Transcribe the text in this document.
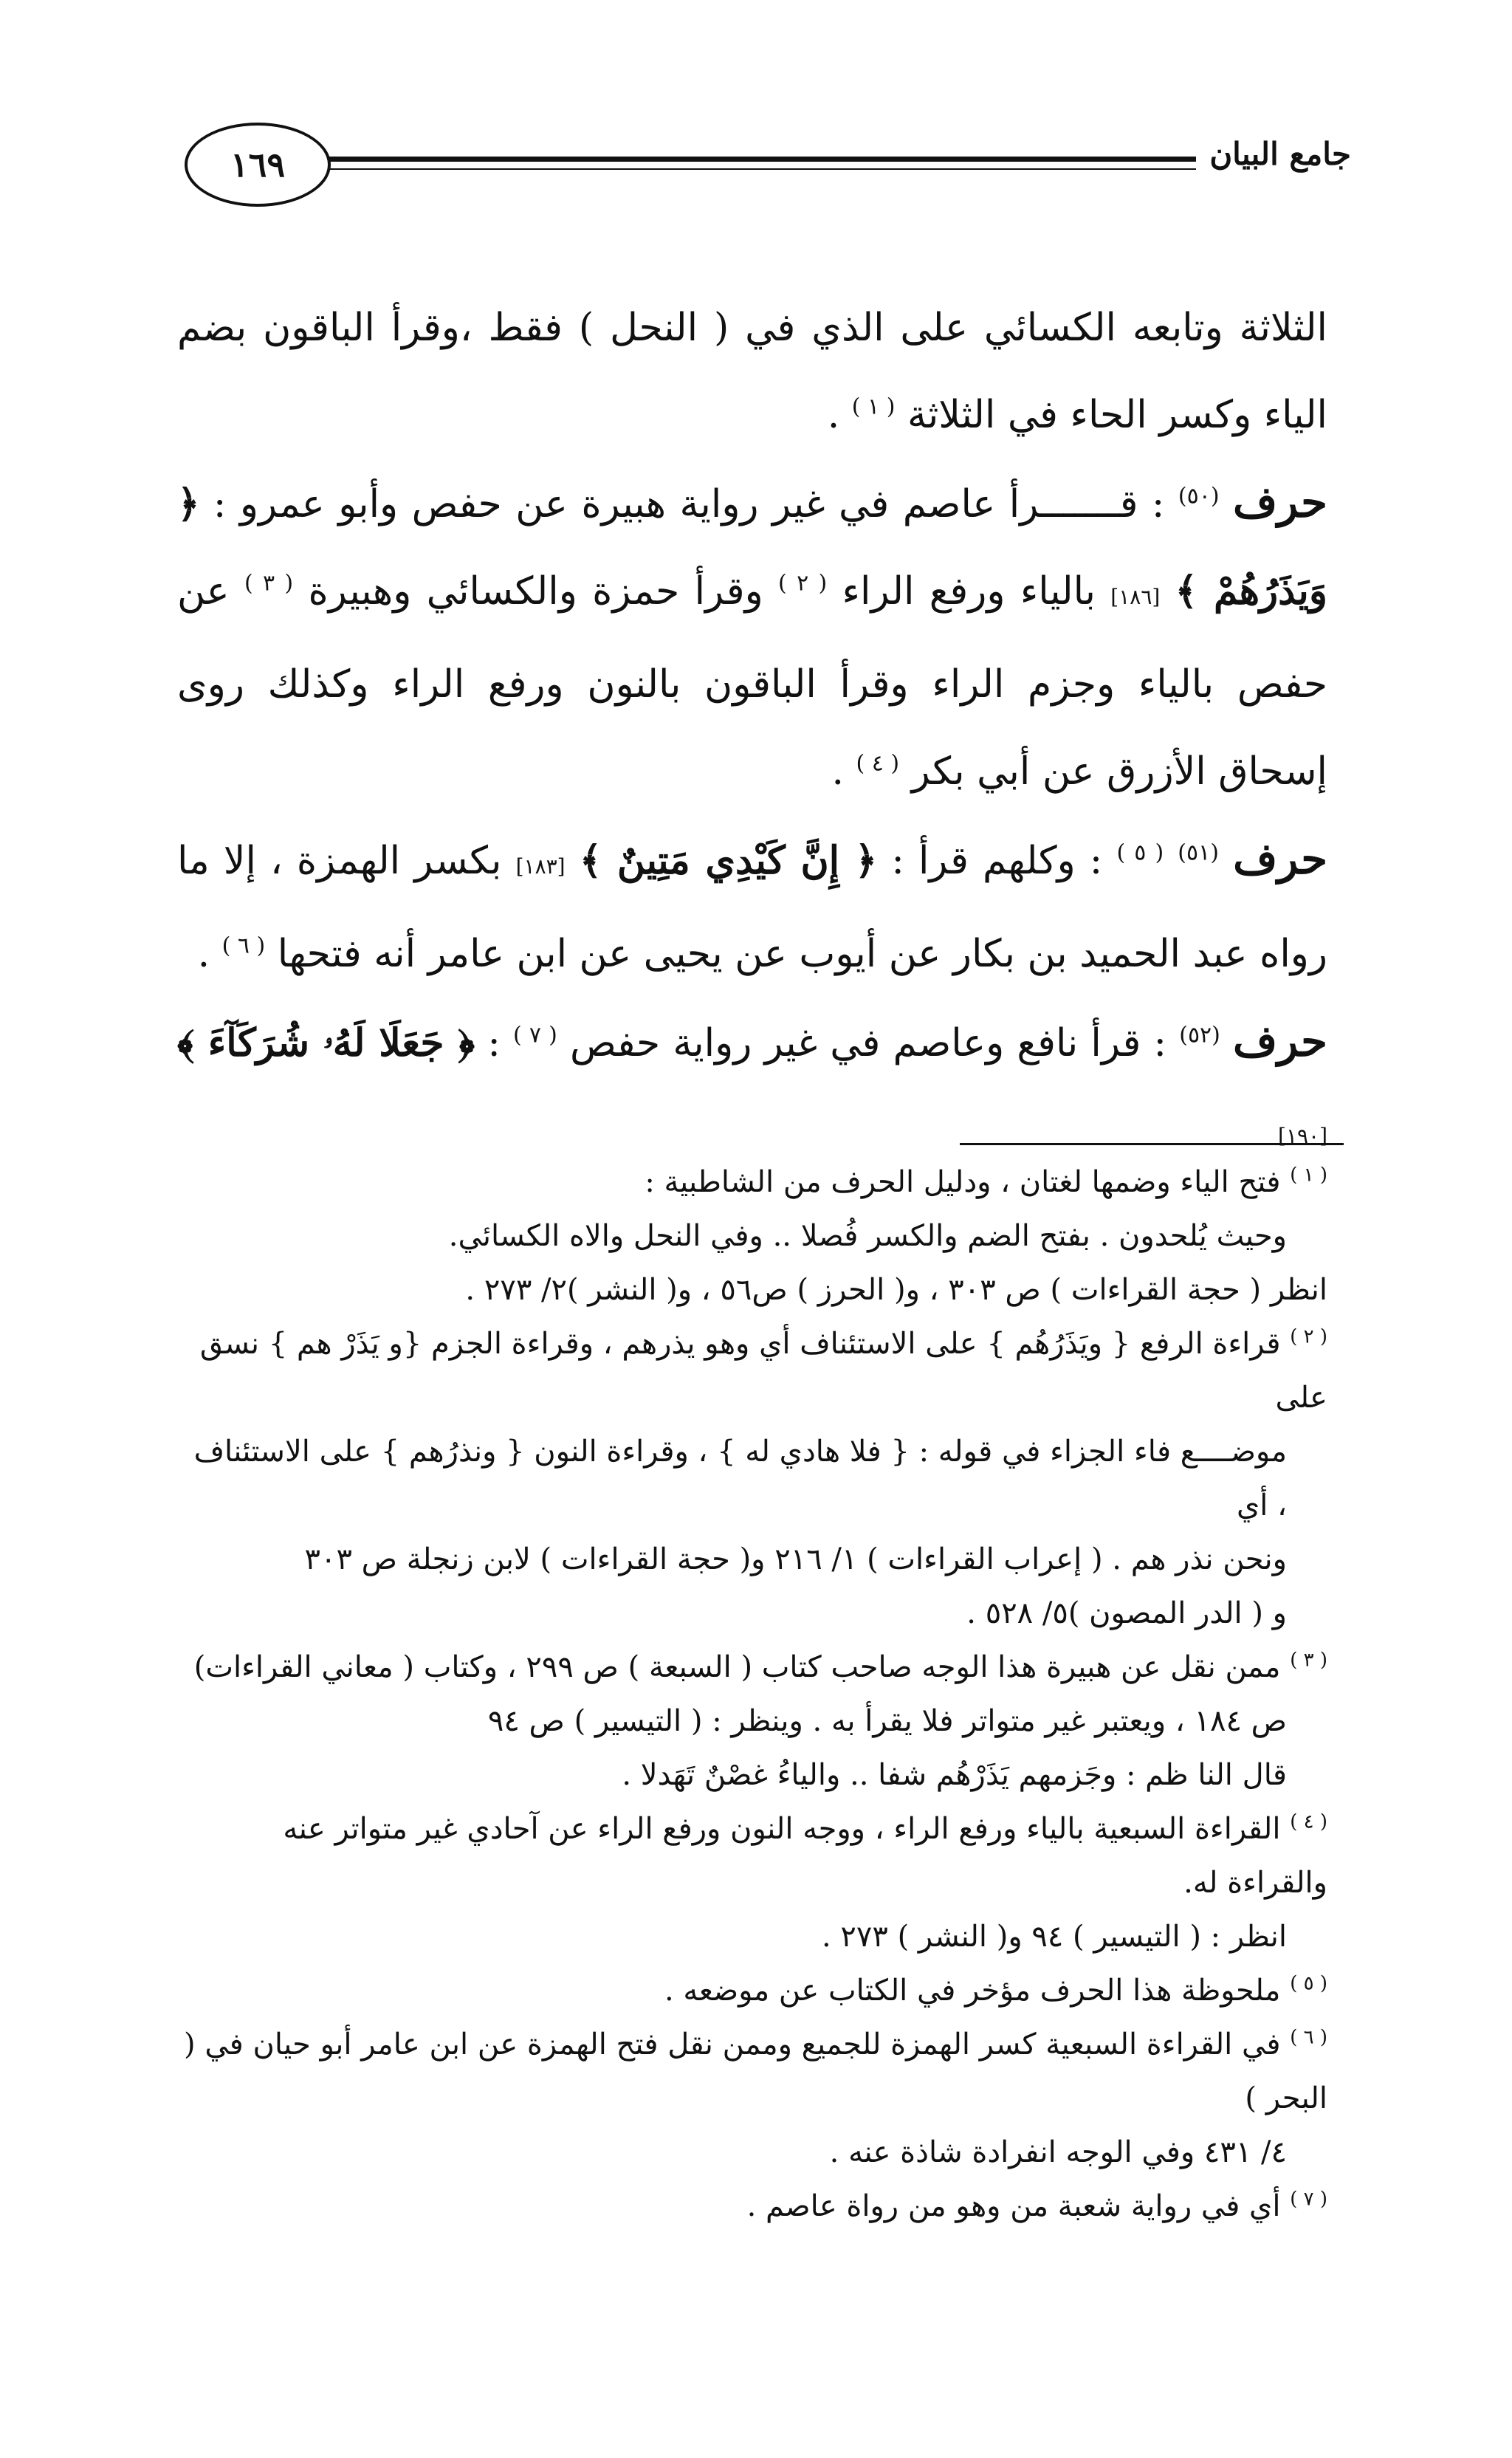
١٦٩	جامع البيان

الثلاثة وتابعه الكسائي على الذي في ( النحل ) فقط ،وقرأ الباقون بضم الياء وكسر الحاء في الثلاثة $^{( ١ )}$ .

حرف $^{(٥٠)}$ : قـــــــرأ عاصم في غير رواية هبيرة عن حفص وأبو عمرو : ﴿ وَيَذَرُهُمْ ﴾ [١٨٦] بالياء ورفع الراء $^{( ٢ )}$ وقرأ حمزة والكسائي وهبيرة $^{( ٣ )}$ عن حفص بالياء وجزم الراء وقرأ الباقون بالنون ورفع الراء وكذلك روى إسحاق الأزرق عن أبي بكر $^{( ٤ )}$ .

حرف $^{(٥١)}$ $^{( ٥ )}$ : وكلهم قرأ : ﴿ إِنَّ كَيْدِي مَتِينٌ ﴾ [١٨٣] بكسر الهمزة ، إلا ما رواه عبد الحميد بن بكار عن أيوب عن يحيى عن ابن عامر أنه فتحها $^{( ٦ )}$ .

حرف $^{(٥٢)}$ : قرأ نافع وعاصم في غير رواية حفص $^{( ٧ )}$ : ﴿ جَعَلَا لَهُۥ شُرَكَآءَ ﴾ [١٩٠]

$^{( ١ )}$ فتح الياء وضمها لغتان ، ودليل الحرف من الشاطبية :

وحيث يُلحدون . بفتح الضم والكسر فُصلا .. وفي النحل والاه الكسائي.

انظر ( حجة القراءات ) ص ٣٠٣ ، و( الحرز ) ص٥٦ ، و( النشر )٢/ ٢٧٣ .

$^{( ٢ )}$ قراءة الرفع { ويَذَرُهُم } على الاستئناف أي وهو يذرهم ، وقراءة الجزم {و يَذَرْ هم } نسق على

موضــــع فاء الجزاء في قوله : { فلا هادي له } ، وقراءة النون { ونذرُهم } على الاستئناف ، أي

ونحن نذر هم . ( إعراب القراءات ) ١/ ٢١٦ و( حجة القراءات ) لابن زنجلة ص ٣٠٣

و ( الدر المصون )٥/ ٥٢٨ .

$^{( ٣ )}$ ممن نقل عن هبيرة هذا الوجه صاحب كتاب ( السبعة ) ص ٢٩٩ ، وكتاب ( معاني القراءات)

ص ١٨٤ ، ويعتبر غير متواتر فلا يقرأ به . وينظر : ( التيسير ) ص ٩٤

قال النا ظم : وجَزمهم يَذَرْهُم شفا .. والياءُ غصْنٌ تَهَدلا .

$^{( ٤ )}$ القراءة السبعية بالياء ورفع الراء ، ووجه النون ورفع الراء عن آحادي غير متواتر عنه والقراءة له.

انظر : ( التيسير ) ٩٤ و( النشر ) ٢٧٣ .

$^{( ٥ )}$ ملحوظة هذا الحرف مؤخر في الكتاب عن موضعه .

$^{( ٦ )}$ في القراءة السبعية كسر الهمزة للجميع وممن نقل فتح الهمزة عن ابن عامر أبو حيان في ( البحر )

٤/ ٤٣١ وفي الوجه انفرادة شاذة عنه .

$^{( ٧ )}$ أي في رواية شعبة من وهو من رواة عاصم .
